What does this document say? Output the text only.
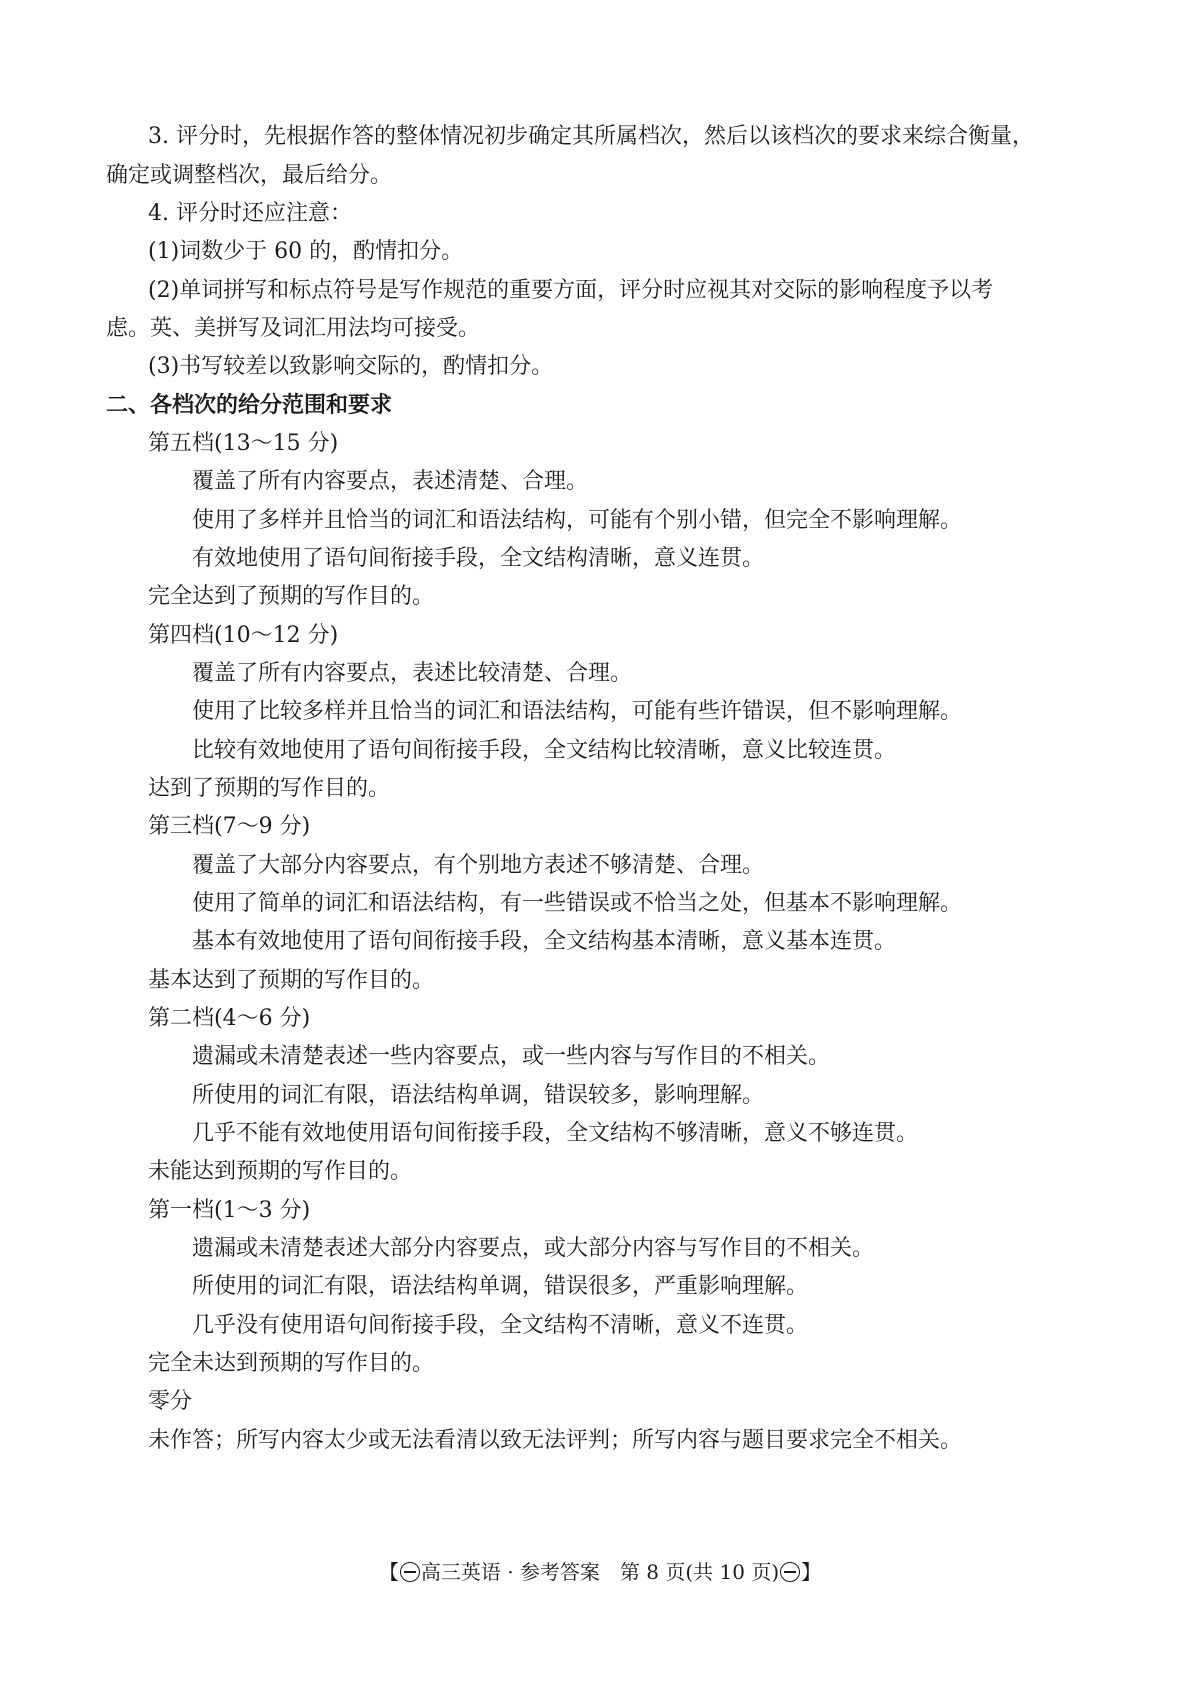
3. 评分时，先根据作答的整体情况初步确定其所属档次，然后以该档次的要求来综合衡量，
确定或调整档次，最后给分。
4. 评分时还应注意：
(1)词数少于 60 的，酌情扣分。
(2)单词拼写和标点符号是写作规范的重要方面，评分时应视其对交际的影响程度予以考
虑。英、美拼写及词汇用法均可接受。
(3)书写较差以致影响交际的，酌情扣分。
二、各档次的给分范围和要求
第五档(13～15 分)
覆盖了所有内容要点，表述清楚、合理。
使用了多样并且恰当的词汇和语法结构，可能有个别小错，但完全不影响理解。
有效地使用了语句间衔接手段，全文结构清晰，意义连贯。
完全达到了预期的写作目的。
第四档(10～12 分)
覆盖了所有内容要点，表述比较清楚、合理。
使用了比较多样并且恰当的词汇和语法结构，可能有些许错误，但不影响理解。
比较有效地使用了语句间衔接手段，全文结构比较清晰，意义比较连贯。
达到了预期的写作目的。
第三档(7～9 分)
覆盖了大部分内容要点，有个别地方表述不够清楚、合理。
使用了简单的词汇和语法结构，有一些错误或不恰当之处，但基本不影响理解。
基本有效地使用了语句间衔接手段，全文结构基本清晰，意义基本连贯。
基本达到了预期的写作目的。
第二档(4～6 分)
遗漏或未清楚表述一些内容要点，或一些内容与写作目的不相关。
所使用的词汇有限，语法结构单调，错误较多，影响理解。
几乎不能有效地使用语句间衔接手段，全文结构不够清晰，意义不够连贯。
未能达到预期的写作目的。
第一档(1～3 分)
遗漏或未清楚表述大部分内容要点，或大部分内容与写作目的不相关。
所使用的词汇有限，语法结构单调，错误很多，严重影响理解。
几乎没有使用语句间衔接手段，全文结构不清晰，意义不连贯。
完全未达到预期的写作目的。
零分
未作答；所写内容太少或无法看清以致无法评判；所写内容与题目要求完全不相关。
【 高三英语 · 参考答案　第 8 页(共 10 页) 】
